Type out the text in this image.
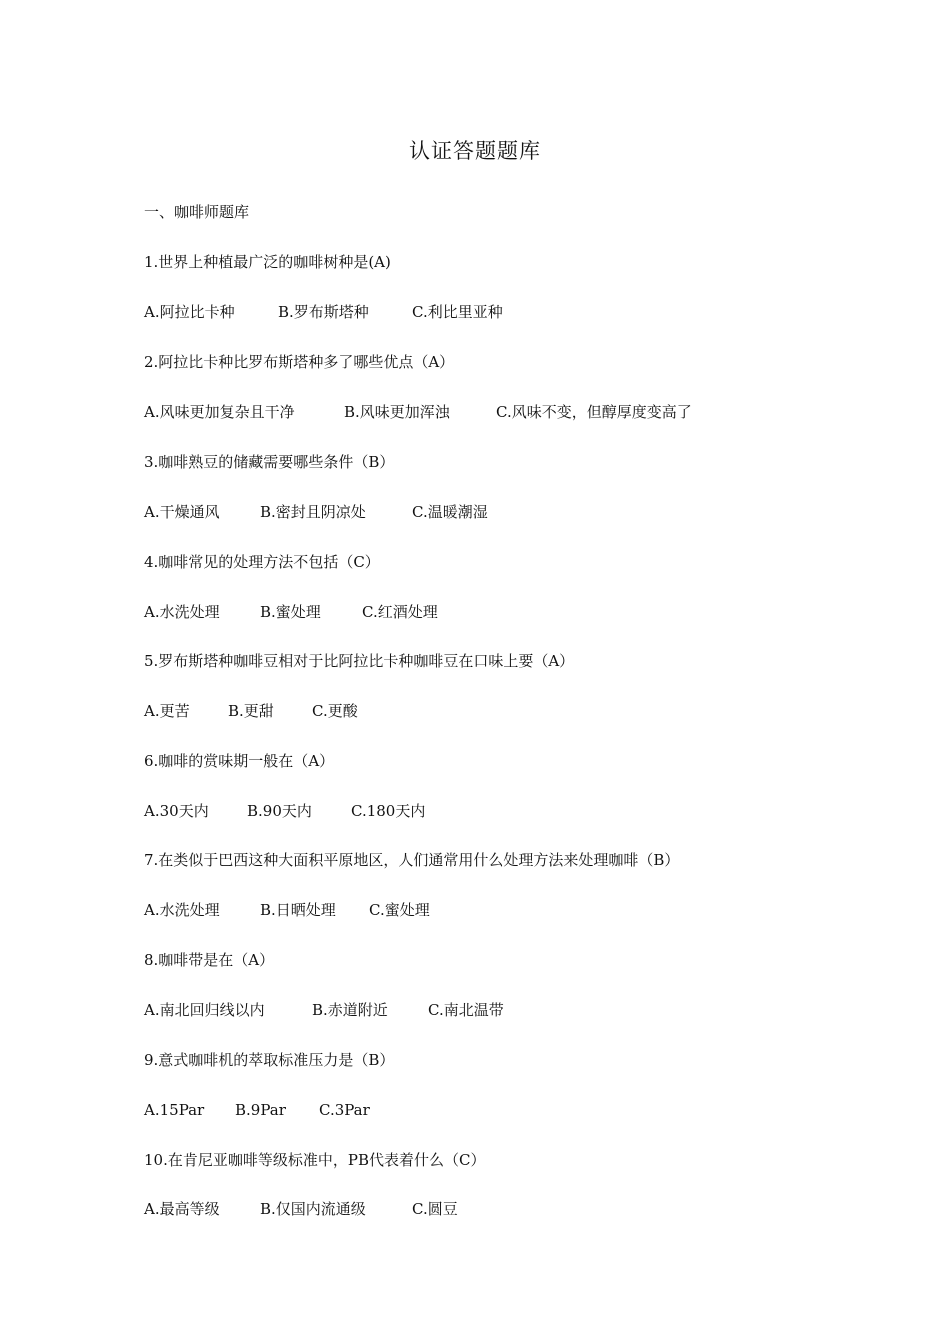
认证答题题库
一、咖啡师题库
1.世界上种植最广泛的咖啡树种是(A)
A.阿拉比卡种	B.罗布斯塔种	C.利比里亚种
2.阿拉比卡种比罗布斯塔种多了哪些优点（A）
A.风味更加复杂且干净	B.风味更加浑浊	C.风味不变，但醇厚度变高了
3.咖啡熟豆的储藏需要哪些条件（B）
A.干燥通风	B.密封且阴凉处	C.温暖潮湿
4.咖啡常见的处理方法不包括（C）
A.水洗处理	B.蜜处理	C.红酒处理
5.罗布斯塔种咖啡豆相对于比阿拉比卡种咖啡豆在口味上要（A）
A.更苦	B.更甜	C.更酸
6.咖啡的赏味期一般在（A）
A.30天内	B.90天内	C.180天内
7.在类似于巴西这种大面积平原地区，人们通常用什么处理方法来处理咖啡（B）
A.水洗处理	B.日晒处理 C.蜜处理
8.咖啡带是在（A）
A.南北回归线以内	B.赤道附近	C.南北温带
9.意式咖啡机的萃取标准压力是（B）
A.15Par B.9Par C.3Par
10.在肯尼亚咖啡等级标准中，PB代表着什么（C）
A.最高等级	B.仅国内流通级	C.圆豆
